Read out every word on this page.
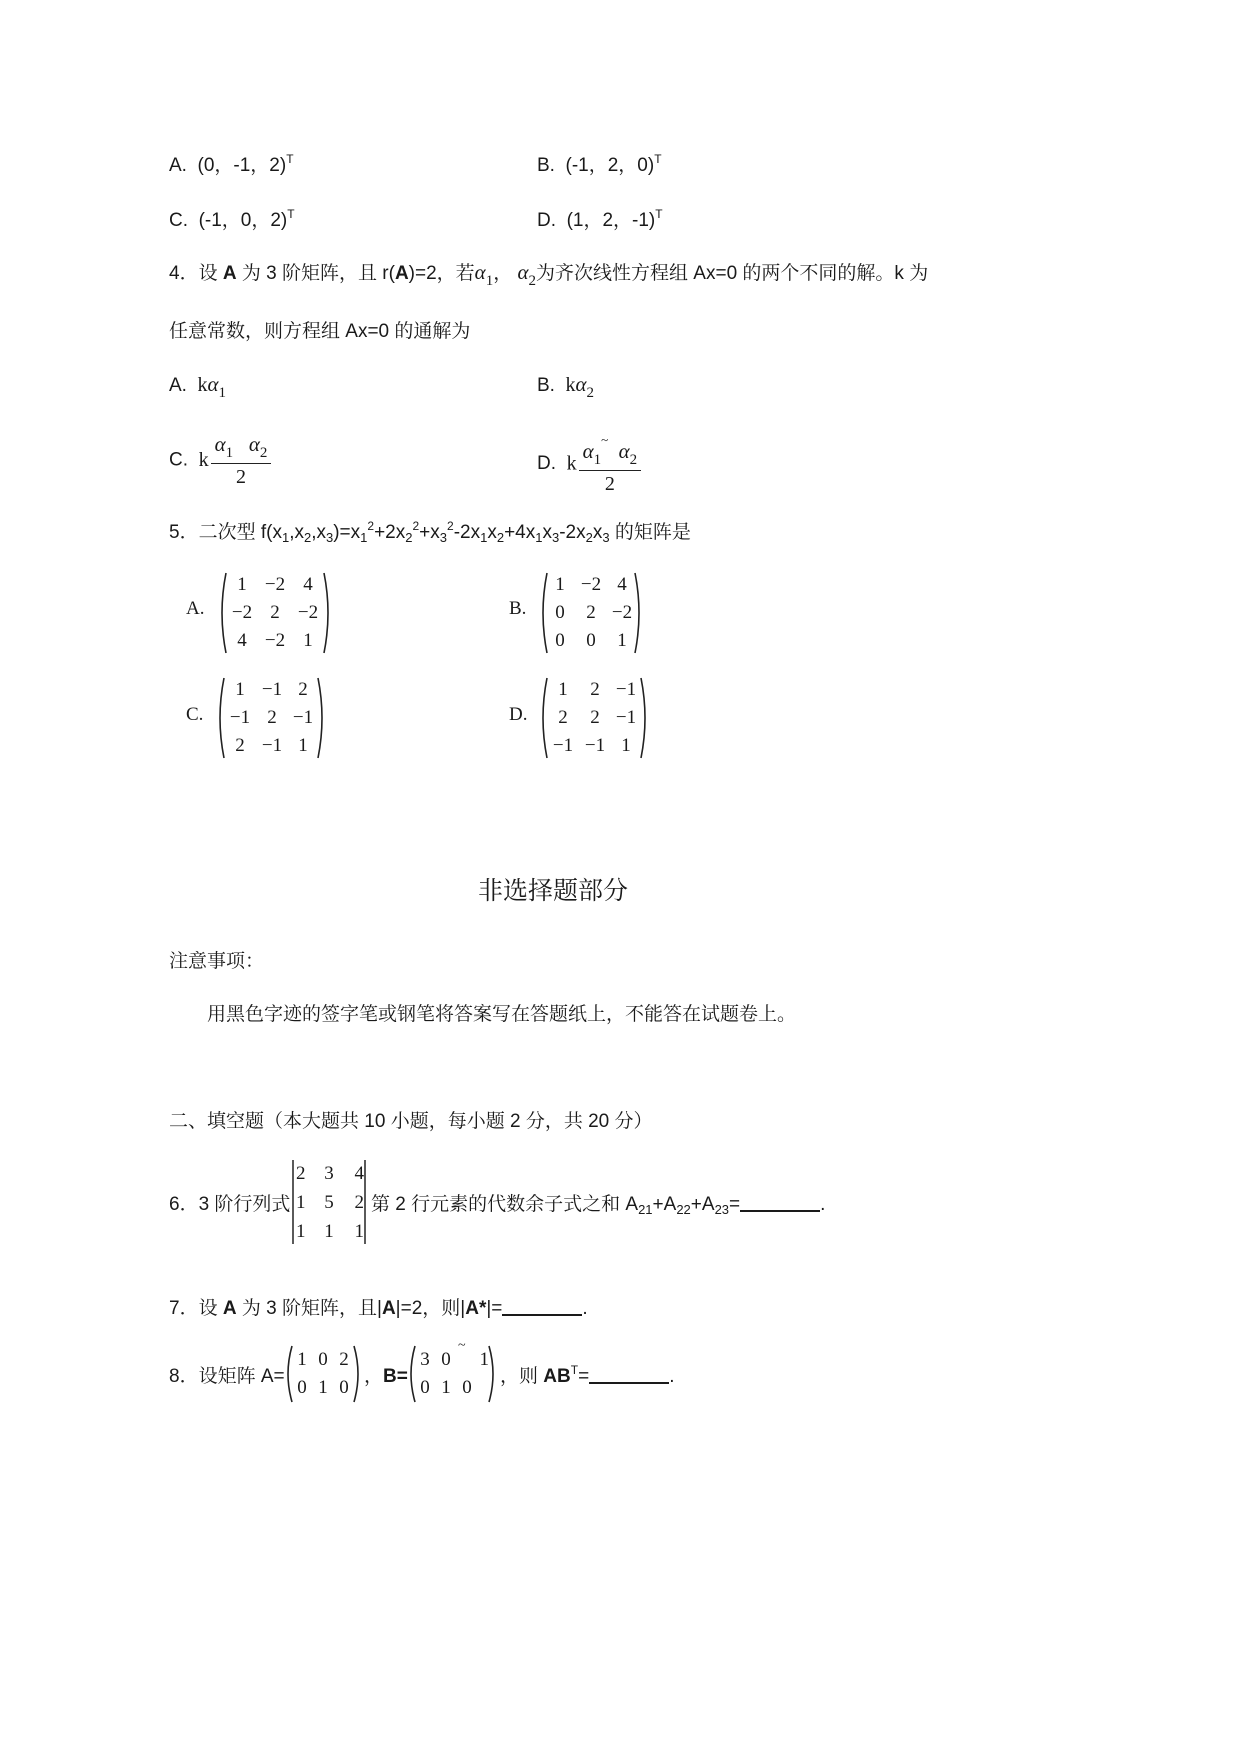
A. (0，-1，2)$^T$	B. (-1，2，0)$^T$
C. (-1，0，2)$^T$	D. (1，2，-1)$^T$
4．设 A 为 3 阶矩阵，且 r(A)=2，若$\alpha_1$， $\alpha_2$为齐次线性方程组 Ax=0 的两个不同的解。k 为
任意常数，则方程组 Ax=0 的通解为
A. $k\alpha_1$	B. $k\alpha_2$
C. k $\frac{\alpha_1 \alpha_2}{2}$	D. k $\frac{\alpha_1^\sim \alpha_2}{2}$
5．二次型 $f(x_1,x_2,x_3)=x_1^2+2x_2^2+x_3^2-2x_1x_2+4x_1x_3-2x_2x_3$ 的矩阵是
A.
1 −2 4
−2 2 −2
4 −2 1
B.
1 −2 4
0	2 −2
0	0	1
C.
1 −1 2
−1 2 −1
2 −1 1
D.
1	2 −1
2	2 −1
−1 −1 1
非选择题部分
注意事项：
用黑色字迹的签字笔或钢笔将答案写在答题纸上，不能答在试题卷上。
二、填空题（本大题共 10 小题，每小题 2 分，共 20 分）
6．3 阶行列式
2 3	4
1 5	2
1 1	1
第 2 行元素的代数余子式之和 $A_{21}+A_{22}+A_{23}=$	.
7．设 A 为 3 阶矩阵，且|A|=2，则|A*|=	.
8．设矩阵 A=
1 0 2
0 1 0
，B=
3 0	1
0 1 0
~
，则 $AB^T=$	.
